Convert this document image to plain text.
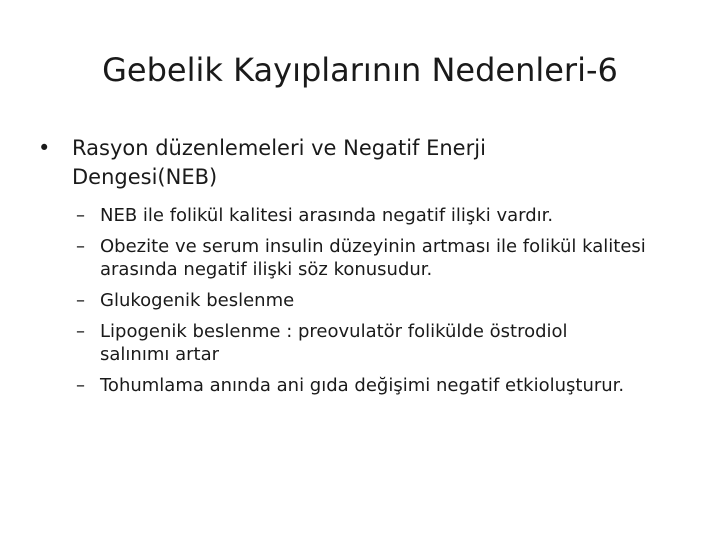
Gebelik Kayıplarının Nedenleri-6
• Rasyon düzenlemeleri ve Negatif Enerji Dengesi(NEB)
– NEB ile folikül kalitesi arasında negatif ilişki vardır.
– Obezite ve serum insulin düzeyinin artması ile folikül kalitesi arasında negatif ilişki söz konusudur.
– Glukogenik beslenme
– Lipogenik beslenme : preovulatör folikülde östrodiol salınımı artar
– Tohumlama anında ani gıda değişimi negatif etkioluşturur.
